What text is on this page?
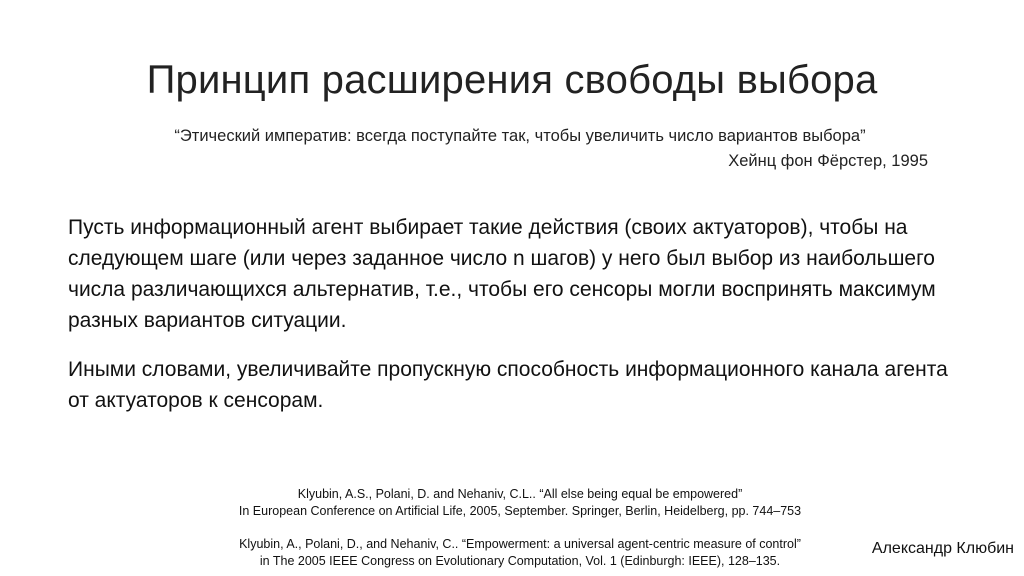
Принцип расширения свободы выбора
“Этический императив: всегда поступайте так, чтобы увеличить число вариантов выбора”
Хейнц фон Фёрстер, 1995

Пусть информационный агент выбирает такие действия (своих актуаторов), чтобы на следующем шаге (или через заданное число n шагов) у него был выбор из наибольшего числа различающихся альтернатив, т.е., чтобы его сенсоры могли воспринять максимум разных вариантов ситуации.

Иными словами, увеличивайте пропускную способность информационного канала агента от актуаторов к сенсорам.

Klyubin, A.S., Polani, D. and Nehaniv, C.L.. “All else being equal be empowered”
In European Conference on Artificial Life, 2005, September. Springer, Berlin, Heidelberg, pp. 744–753
Klyubin, A., Polani, D., and Nehaniv, C.. “Empowerment: a universal agent-centric measure of control”
in The 2005 IEEE Congress on Evolutionary Computation, Vol. 1 (Edinburgh: IEEE), 128–135.
Александр Клюбин
